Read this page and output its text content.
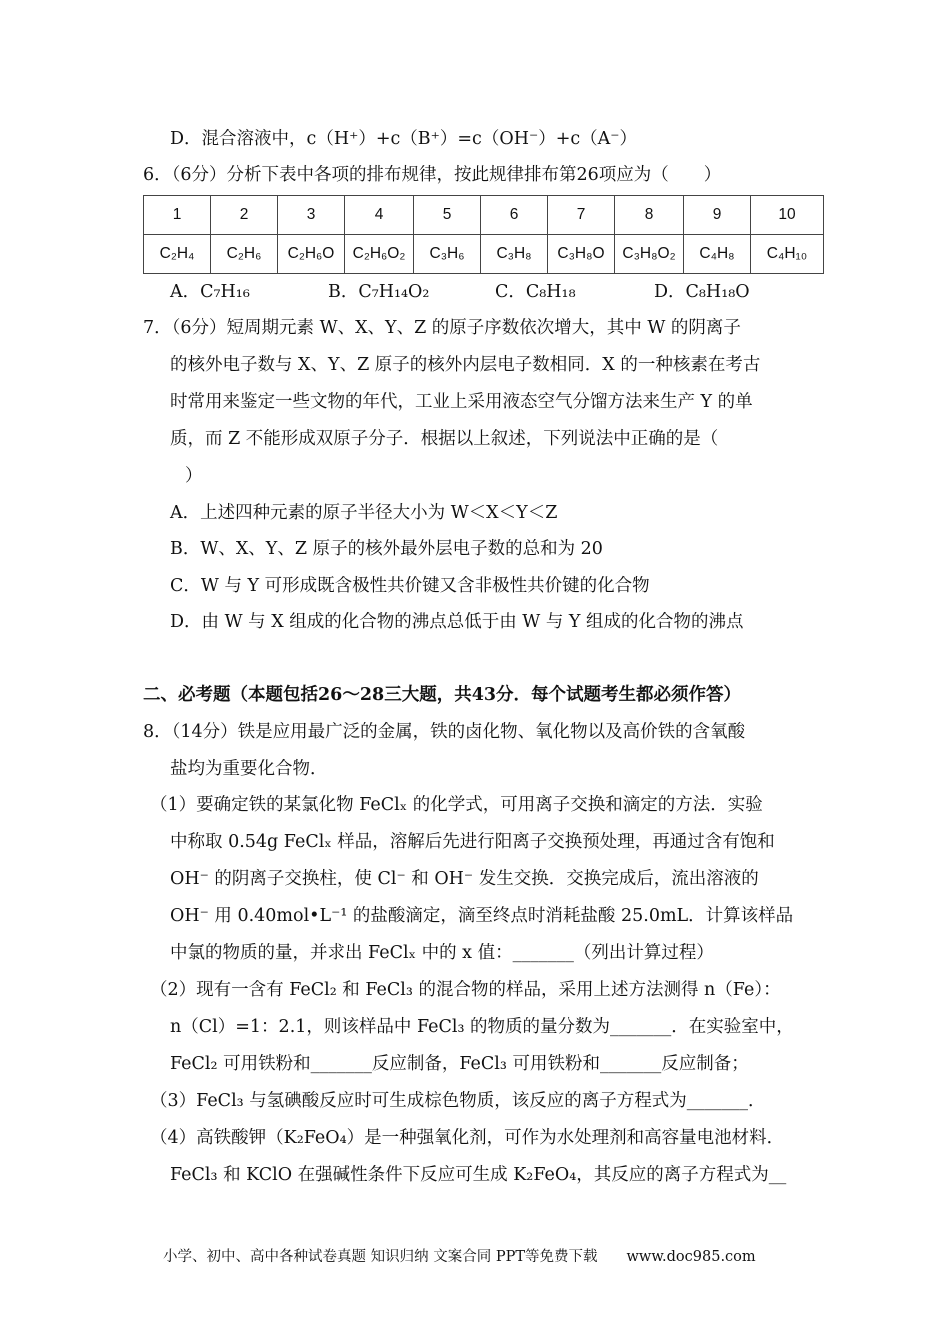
D．混合溶液中，c（H⁺）+c（B⁺）=c（OH⁻）+c（A⁻）
6．（6分）分析下表中各项的排布规律，按此规律排布第26项应为（　　）
1	2	3	4	5	6	7	8	9	10
C₂H₄	C₂H₆	C₂H₆O	C₂H₆O₂	C₃H₆	C₃H₈	C₃H₈O	C₃H₈O₂	C₄H₈	C₄H₁₀
A．C₇H₁₆	B．C₇H₁₄O₂	C．C₈H₁₈	D．C₈H₁₈O
7．（6分）短周期元素 W、X、Y、Z 的原子序数依次增大，其中 W 的阴离子
的核外电子数与 X、Y、Z 原子的核外内层电子数相同．X 的一种核素在考古
时常用来鉴定一些文物的年代，工业上采用液态空气分馏方法来生产 Y 的单
质，而 Z 不能形成双原子分子．根据以上叙述，下列说法中正确的是（
）
A．上述四种元素的原子半径大小为 W＜X＜Y＜Z
B．W、X、Y、Z 原子的核外最外层电子数的总和为 20
C．W 与 Y 可形成既含极性共价键又含非极性共价键的化合物
D．由 W 与 X 组成的化合物的沸点总低于由 W 与 Y 组成的化合物的沸点
二、必考题（本题包括26～28三大题，共43分．每个试题考生都必须作答）
8．（14分）铁是应用最广泛的金属，铁的卤化物、氧化物以及高价铁的含氧酸
盐均为重要化合物．
（1）要确定铁的某氯化物 FeClₓ 的化学式，可用离子交换和滴定的方法．实验
中称取 0.54g FeClₓ 样品，溶解后先进行阳离子交换预处理，再通过含有饱和
OH⁻ 的阴离子交换柱，使 Cl⁻ 和 OH⁻ 发生交换．交换完成后，流出溶液的
OH⁻ 用 0.40mol•L⁻¹ 的盐酸滴定，滴至终点时消耗盐酸 25.0mL．计算该样品
中氯的物质的量，并求出 FeClₓ 中的 x 值：_______（列出计算过程）
（2）现有一含有 FeCl₂ 和 FeCl₃ 的混合物的样品，采用上述方法测得 n（Fe）：
n（Cl）=1：2.1，则该样品中 FeCl₃ 的物质的量分数为_______．在实验室中，
FeCl₂ 可用铁粉和_______反应制备，FeCl₃ 可用铁粉和_______反应制备；
（3）FeCl₃ 与氢碘酸反应时可生成棕色物质，该反应的离子方程式为_______．
（4）高铁酸钾（K₂FeO₄）是一种强氧化剂，可作为水处理剂和高容量电池材料．
FeCl₃ 和 KClO 在强碱性条件下反应可生成 K₂FeO₄，其反应的离子方程式为__
小学、初中、高中各种试卷真题 知识归纳 文案合同 PPT等免费下载　　www.doc985.com
